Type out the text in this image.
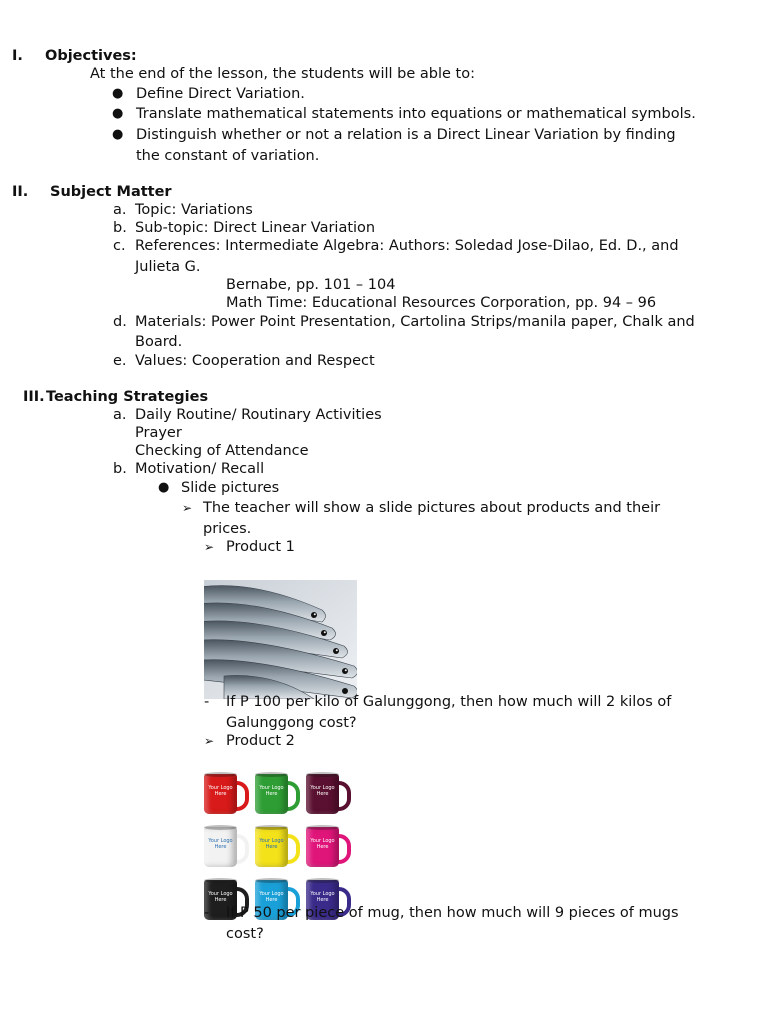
I. Objectives:
At the end of the lesson, the students will be able to:
● Define Direct Variation.
● Translate mathematical statements into equations or mathematical symbols.
● Distinguish whether or not a relation is a Direct Linear Variation by finding
the constant of variation.
II. Subject Matter
a. Topic: Variations
b. Sub-topic: Direct Linear Variation
c. References: Intermediate Algebra: Authors: Soledad Jose-Dilao, Ed. D., and
Julieta G.
Bernabe, pp. 101 – 104
Math Time: Educational Resources Corporation, pp. 94 – 96
d. Materials: Power Point Presentation, Cartolina Strips/manila paper, Chalk and
Board.
e. Values: Cooperation and Respect
III. Teaching Strategies
a. Daily Routine/ Routinary Activities
Prayer
Checking of Attendance
b. Motivation/ Recall
● Slide pictures
➢ The teacher will show a slide pictures about products and their
prices.
➢ Product 1
- If P 100 per kilo of Galunggong, then how much will 2 kilos of
Galunggong cost?
➢ Product 2
Your Logo Here
Your Logo Here
Your Logo Here
Your Logo Here
Your Logo Here
Your Logo Here
Your Logo Here
Your Logo Here
Your Logo Here
- If P 50 per piece of mug, then how much will 9 pieces of mugs
cost?
